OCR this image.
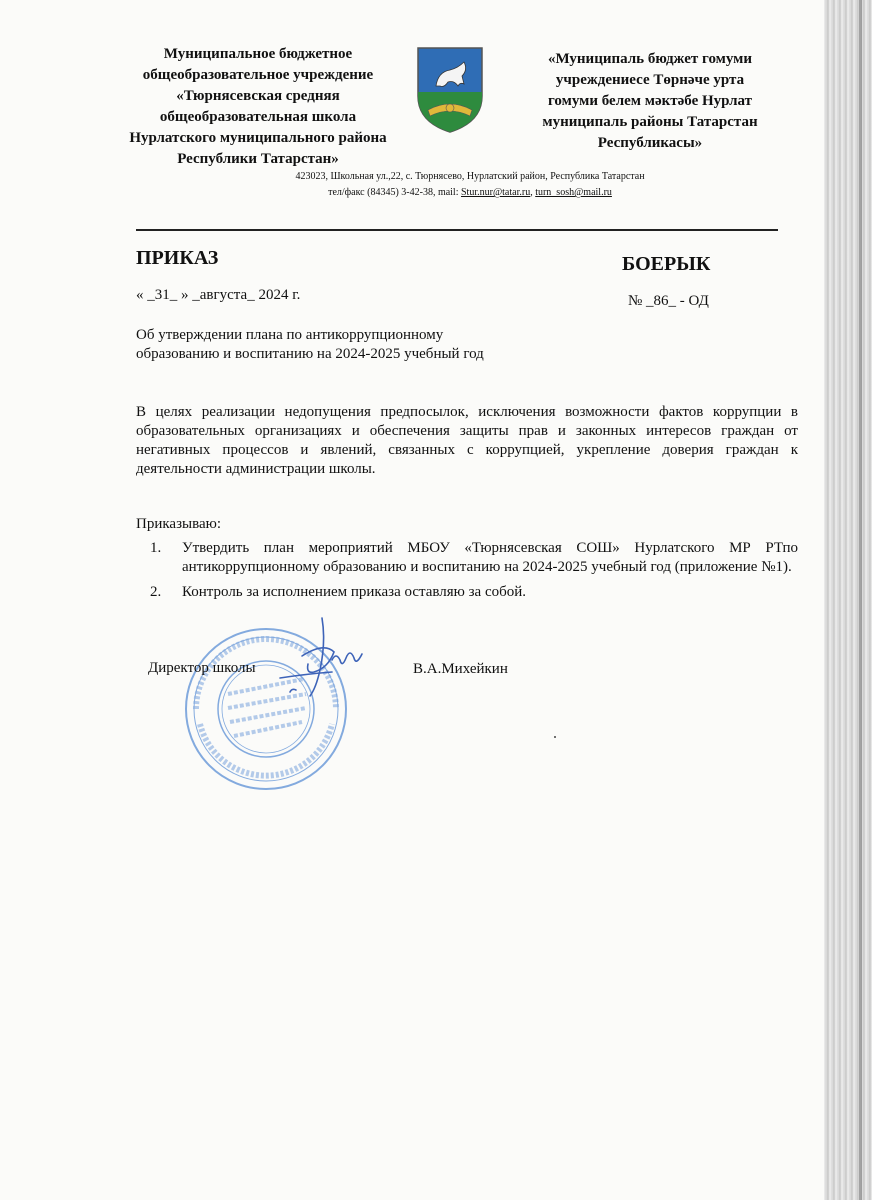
Муниципальное бюджетное
общеобразовательное учреждение
«Тюрнясевская средняя
общеобразовательная школа
Нурлатского муниципального района
Республики Татарстан»
«Муниципаль бюджет гомуми
учреждениесе Төрнәче урта
гомуми белем мәктәбе Нурлат
муниципаль районы Татарстан
Республикасы»
423023, Школьная ул.,22, с. Тюрнясево, Нурлатский район, Республика Татарстан
тел/факс (84345) 3-42-38, mail: Stur.nur@tatar.ru, turn_sosh@mail.ru
ПРИКАЗ	БОЕРЫК
« _31_ » _августа_ 2024 г.	№ _86_ - ОД
Об утверждении плана по антикоррупционному
образованию и воспитанию на 2024-2025 учебный год
В целях реализации недопущения предпосылок, исключения возможности фактов коррупции в образовательных организациях и обеспечения защиты прав и законных интересов граждан от негативных процессов и явлений, связанных с коррупцией, укрепление доверия граждан к деятельности администрации школы.
Приказываю:
1.	Утвердить план мероприятий МБОУ «Тюрнясевская СОШ» Нурлатского МР РТпо антикоррупционному образованию и воспитанию на 2024-2025 учебный год (приложение №1).
2.	Контроль за исполнением приказа оставляю за собой.
Директор школы	В.А.Михейкин
